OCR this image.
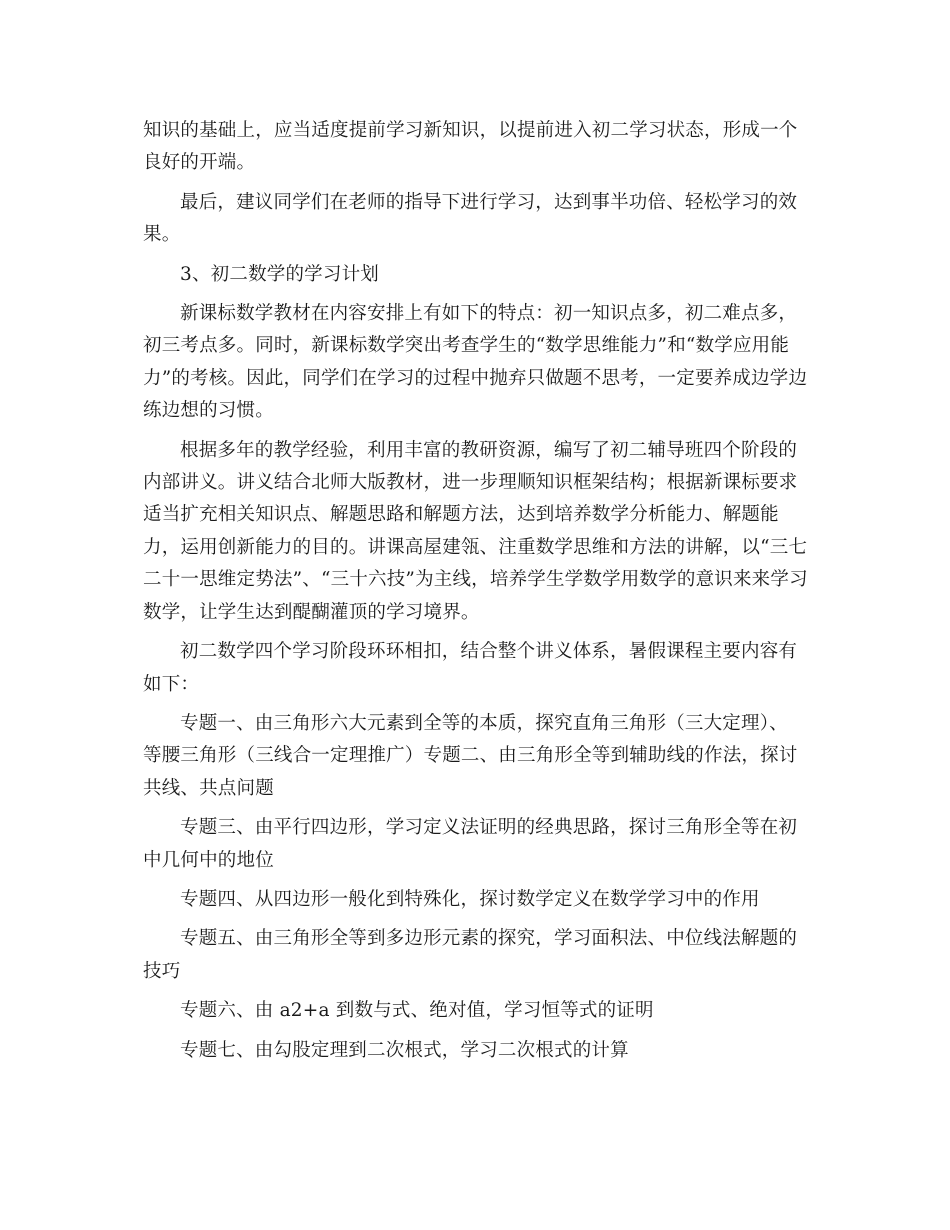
知识的基础上，应当适度提前学习新知识，以提前进入初二学习状态，形成一个
良好的开端。

最后，建议同学们在老师的指导下进行学习，达到事半功倍、轻松学习的效
果。

3、初二数学的学习计划

新课标数学教材在内容安排上有如下的特点：初一知识点多，初二难点多，
初三考点多。同时，新课标数学突出考查学生的“数学思维能力”和“数学应用能
力”的考核。因此，同学们在学习的过程中抛弃只做题不思考，一定要养成边学边
练边想的习惯。

根据多年的教学经验，利用丰富的教研资源，编写了初二辅导班四个阶段的
内部讲义。讲义结合北师大版教材，进一步理顺知识框架结构；根据新课标要求
适当扩充相关知识点、解题思路和解题方法，达到培养数学分析能力、解题能
力，运用创新能力的目的。讲课高屋建瓴、注重数学思维和方法的讲解，以“三七
二十一思维定势法”、“三十六技”为主线，培养学生学数学用数学的意识来来学习
数学，让学生达到醍醐灌顶的学习境界。

初二数学四个学习阶段环环相扣，结合整个讲义体系，暑假课程主要内容有
如下：

专题一、由三角形六大元素到全等的本质，探究直角三角形（三大定理）、
等腰三角形（三线合一定理推广）专题二、由三角形全等到辅助线的作法，探讨
共线、共点问题

专题三、由平行四边形，学习定义法证明的经典思路，探讨三角形全等在初
中几何中的地位

专题四、从四边形一般化到特殊化，探讨数学定义在数学学习中的作用

专题五、由三角形全等到多边形元素的探究，学习面积法、中位线法解题的
技巧

专题六、由 a2+a 到数与式、绝对值，学习恒等式的证明

专题七、由勾股定理到二次根式，学习二次根式的计算
